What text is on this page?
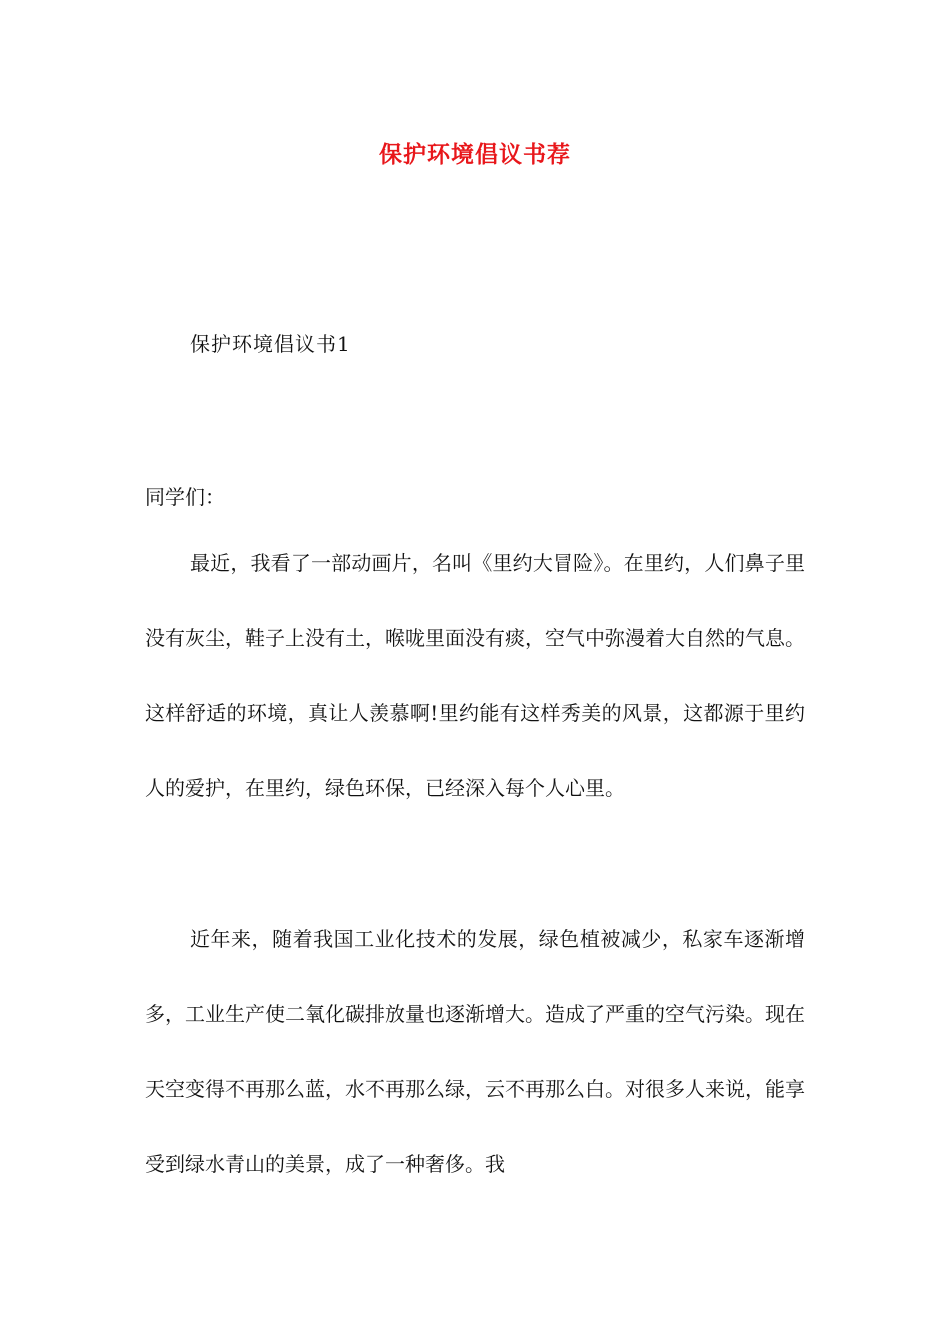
保护环境倡议书荐
保护环境倡议书1
同学们：

最近，我看了一部动画片，名叫《里约大冒险》。在里约，人们鼻子里没有灰尘，鞋子上没有土，喉咙里面没有痰，空气中弥漫着大自然的气息。这样舒适的环境，真让人羡慕啊!里约能有这样秀美的风景，这都源于里约人的爱护，在里约，绿色环保，已经深入每个人心里。

近年来，随着我国工业化技术的发展，绿色植被减少，私家车逐渐增多，工业生产使二氧化碳排放量也逐渐增大。造成了严重的空气污染。现在天空变得不再那么蓝，水不再那么绿，云不再那么白。对很多人来说，能享受到绿水青山的美景，成了一种奢侈。我
